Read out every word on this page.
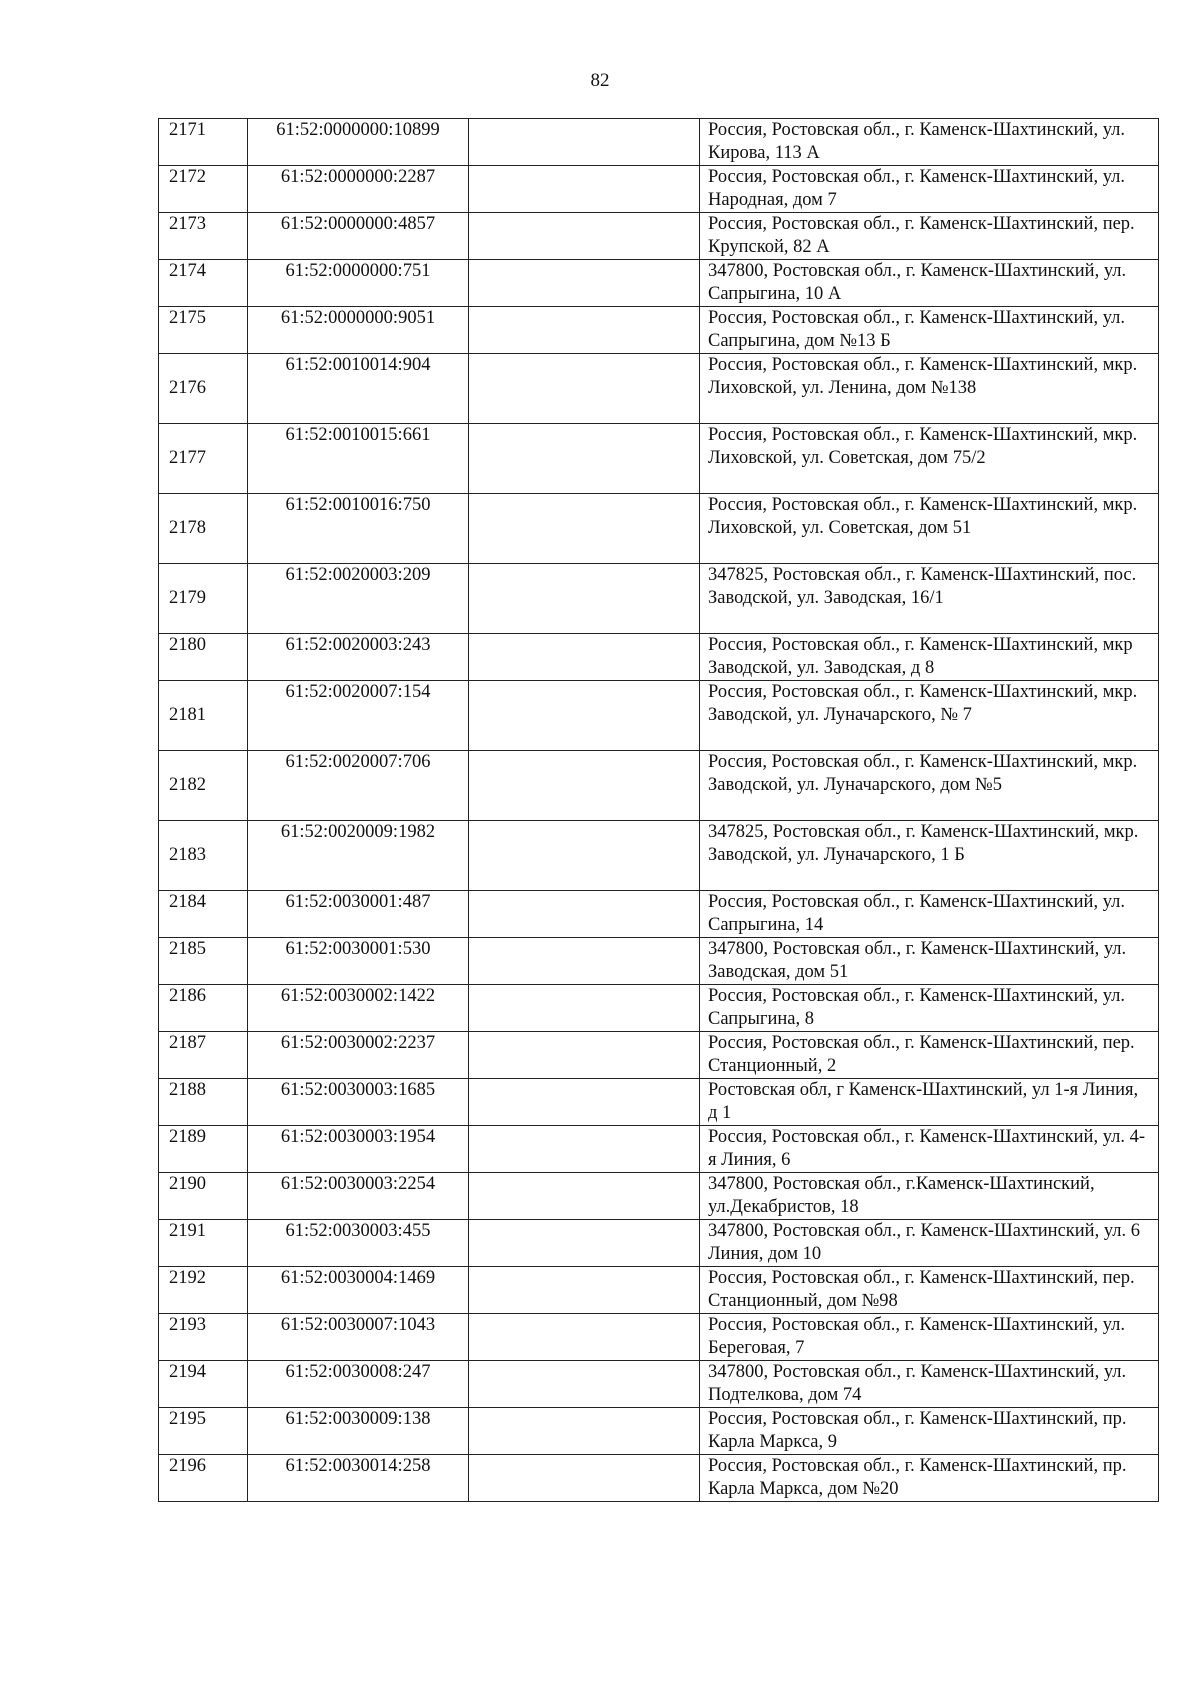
82
2171	61:52:0000000:10899		Россия, Ростовская обл., г. Каменск-Шахтинский, ул. Кирова, 113 А
2172	61:52:0000000:2287		Россия, Ростовская обл., г. Каменск-Шахтинский, ул. Народная, дом 7
2173	61:52:0000000:4857		Россия, Ростовская обл., г. Каменск-Шахтинский, пер. Крупской, 82 А
2174	61:52:0000000:751		347800, Ростовская обл., г. Каменск-Шахтинский, ул. Сапрыгина, 10 А
2175	61:52:0000000:9051		Россия, Ростовская обл., г. Каменск-Шахтинский, ул. Сапрыгина, дом №13 Б
2176	61:52:0010014:904		Россия, Ростовская обл., г. Каменск-Шахтинский, мкр. Лиховской, ул. Ленина, дом №138
2177	61:52:0010015:661		Россия, Ростовская обл., г. Каменск-Шахтинский, мкр. Лиховской, ул. Советская, дом 75/2
2178	61:52:0010016:750		Россия, Ростовская обл., г. Каменск-Шахтинский, мкр. Лиховской, ул. Советская, дом 51
2179	61:52:0020003:209		347825, Ростовская обл., г. Каменск-Шахтинский, пос. Заводской, ул. Заводская, 16/1
2180	61:52:0020003:243		Россия, Ростовская обл., г. Каменск-Шахтинский, мкр Заводской, ул. Заводская, д 8
2181	61:52:0020007:154		Россия, Ростовская обл., г. Каменск-Шахтинский, мкр. Заводской, ул. Луначарского, № 7
2182	61:52:0020007:706		Россия, Ростовская обл., г. Каменск-Шахтинский, мкр. Заводской, ул. Луначарского, дом №5
2183	61:52:0020009:1982		347825, Ростовская обл., г. Каменск-Шахтинский, мкр. Заводской, ул. Луначарского, 1 Б
2184	61:52:0030001:487		Россия, Ростовская обл., г. Каменск-Шахтинский, ул. Сапрыгина, 14
2185	61:52:0030001:530		347800, Ростовская обл., г. Каменск-Шахтинский, ул. Заводская, дом 51
2186	61:52:0030002:1422		Россия, Ростовская обл., г. Каменск-Шахтинский, ул. Сапрыгина, 8
2187	61:52:0030002:2237		Россия, Ростовская обл., г. Каменск-Шахтинский, пер. Станционный, 2
2188	61:52:0030003:1685		Ростовская обл, г Каменск-Шахтинский, ул 1-я Линия, д 1
2189	61:52:0030003:1954		Россия, Ростовская обл., г. Каменск-Шахтинский, ул. 4-я Линия, 6
2190	61:52:0030003:2254		347800, Ростовская обл., г.Каменск-Шахтинский, ул.Декабристов, 18
2191	61:52:0030003:455		347800, Ростовская обл., г. Каменск-Шахтинский, ул. 6 Линия, дом 10
2192	61:52:0030004:1469		Россия, Ростовская обл., г. Каменск-Шахтинский, пер. Станционный, дом №98
2193	61:52:0030007:1043		Россия, Ростовская обл., г. Каменск-Шахтинский, ул. Береговая, 7
2194	61:52:0030008:247		347800, Ростовская обл., г. Каменск-Шахтинский, ул. Подтелкова, дом 74
2195	61:52:0030009:138		Россия, Ростовская обл., г. Каменск-Шахтинский, пр. Карла Маркса, 9
2196	61:52:0030014:258		Россия, Ростовская обл., г. Каменск-Шахтинский, пр. Карла Маркса, дом №20
